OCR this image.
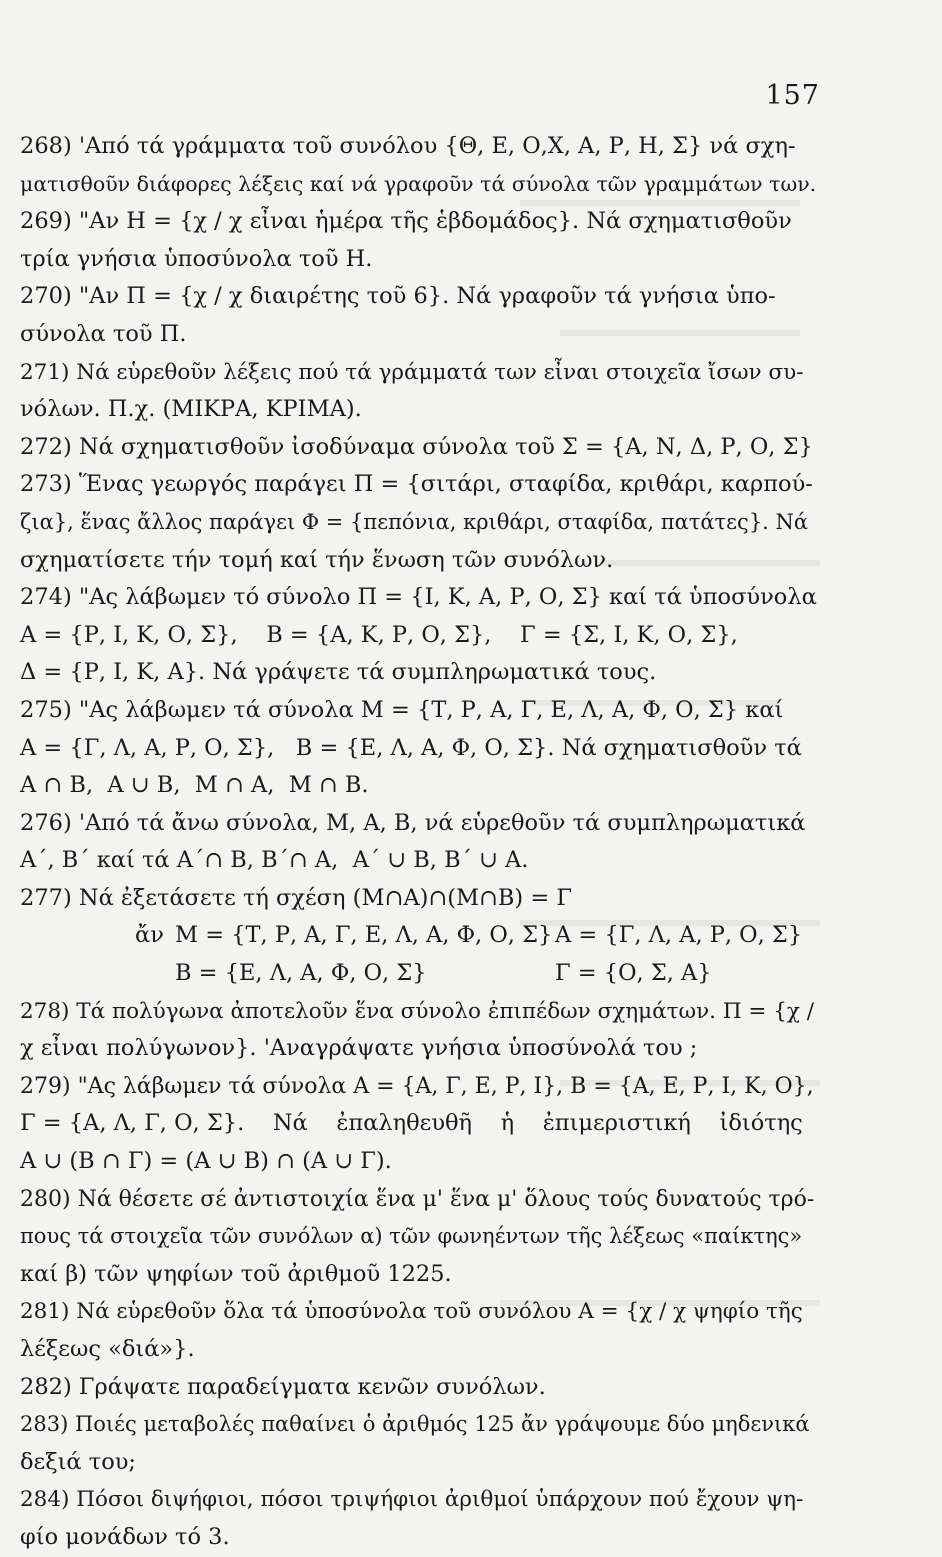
157
268) 'Από τά γράμματα τοῦ συνόλου {Θ, Ε, Ο,Χ, Α, Ρ, Η, Σ} νά σχη-
ματισθοῦν διάφορες λέξεις καί νά γραφοῦν τά σύνολα τῶν γραμμάτων των.
269) "Αν Η = {χ / χ εἶναι ἡμέρα τῆς ἑβδομάδος}. Νά σχηματισθοῦν
τρία γνήσια ὑποσύνολα τοῦ Η.
270) "Αν Π = {χ / χ διαιρέτης τοῦ 6}. Νά γραφοῦν τά γνήσια ὑπο-
σύνολα τοῦ Π.
271) Νά εὑρεθοῦν λέξεις πού τά γράμματά των εἶναι στοιχεῖα ἴσων συ-
νόλων. Π.χ. (ΜΙΚΡΑ, ΚΡΙΜΑ).
272) Νά σχηματισθοῦν ἰσοδύναμα σύνολα τοῦ Σ = {Α, Ν, Δ, Ρ, Ο, Σ}
273) Ἕνας γεωργός παράγει Π = {σιτάρι, σταφίδα, κριθάρι, καρπού-
ζια}, ἕνας ἄλλος παράγει Φ = {πεπόνια, κριθάρι, σταφίδα, πατάτες}. Νά
σχηματίσετε τήν τομή καί τήν ἕνωση τῶν συνόλων.
274) "Ας λάβωμεν τό σύνολο Π = {Ι, Κ, Α, Ρ, Ο, Σ} καί τά ὑποσύνολα
Α = {Ρ, Ι, Κ, Ο, Σ},    Β = {Α, Κ, Ρ, Ο, Σ},    Γ = {Σ, Ι, Κ, Ο, Σ},
Δ = {Ρ, Ι, Κ, Α}. Νά γράψετε τά συμπληρωματικά τους.
275) "Ας λάβωμεν τά σύνολα Μ = {Τ, Ρ, Α, Γ, Ε, Λ, Α, Φ, Ο, Σ} καί
Α = {Γ, Λ, Α, Ρ, Ο, Σ},   Β = {Ε, Λ, Α, Φ, Ο, Σ}. Νά σχηματισθοῦν τά
Α ∩ Β,  Α ∪ Β,  Μ ∩ Α,  Μ ∩ Β.
276) 'Από τά ἄνω σύνολα, Μ, Α, Β, νά εὑρεθοῦν τά συμπληρωματικά
Α΄, Β΄ καί τά Α΄∩ Β, Β΄∩ Α,  Α΄ ∪ Β, Β΄ ∪ Α.
277) Νά ἐξετάσετε τή σχέση (Μ∩Α)∩(Μ∩Β) = Γ
ἄν Μ = {Τ, Ρ, Α, Γ, Ε, Λ, Α, Φ, Ο, Σ} Α = {Γ, Λ, Α, Ρ, Ο, Σ}
Β = {Ε, Λ, Α, Φ, Ο, Σ}	Γ = {Ο, Σ, Α}
278) Τά πολύγωνα ἀποτελοῦν ἕνα σύνολο ἐπιπέδων σχημάτων. Π = {χ /
χ εἶναι πολύγωνον}. 'Αναγράψατε γνήσια ὑποσύνολά του ;
279) "Ας λάβωμεν τά σύνολα Α = {Α, Γ, Ε, Ρ, Ι}, Β = {Α, Ε, Ρ, Ι, Κ, Ο},
Γ = {Α, Λ, Γ, Ο, Σ}.    Νά    ἐπαληθευθῆ    ἡ    ἐπιμεριστική    ἰδιότης
Α ∪ (Β ∩ Γ) = (Α ∪ Β) ∩ (Α ∪ Γ).
280) Νά θέσετε σέ ἀντιστοιχία ἕνα μ' ἕνα μ' ὅλους τούς δυνατούς τρό-
πους τά στοιχεῖα τῶν συνόλων α) τῶν φωνηέντων τῆς λέξεως «παίκτης»
καί β) τῶν ψηφίων τοῦ ἀριθμοῦ 1225.
281) Νά εὑρεθοῦν ὅλα τά ὑποσύνολα τοῦ συνόλου Α = {χ / χ ψηφίο τῆς
λέξεως «διά»}.
282) Γράψατε παραδείγματα κενῶν συνόλων.
283) Ποιές μεταβολές παθαίνει ὁ ἀριθμός 125 ἄν γράψουμε δύο μηδενικά
δεξιά του;
284) Πόσοι διψήφιοι, πόσοι τριψήφιοι ἀριθμοί ὑπάρχουν πού ἔχουν ψη-
φίο μονάδων τό 3.
